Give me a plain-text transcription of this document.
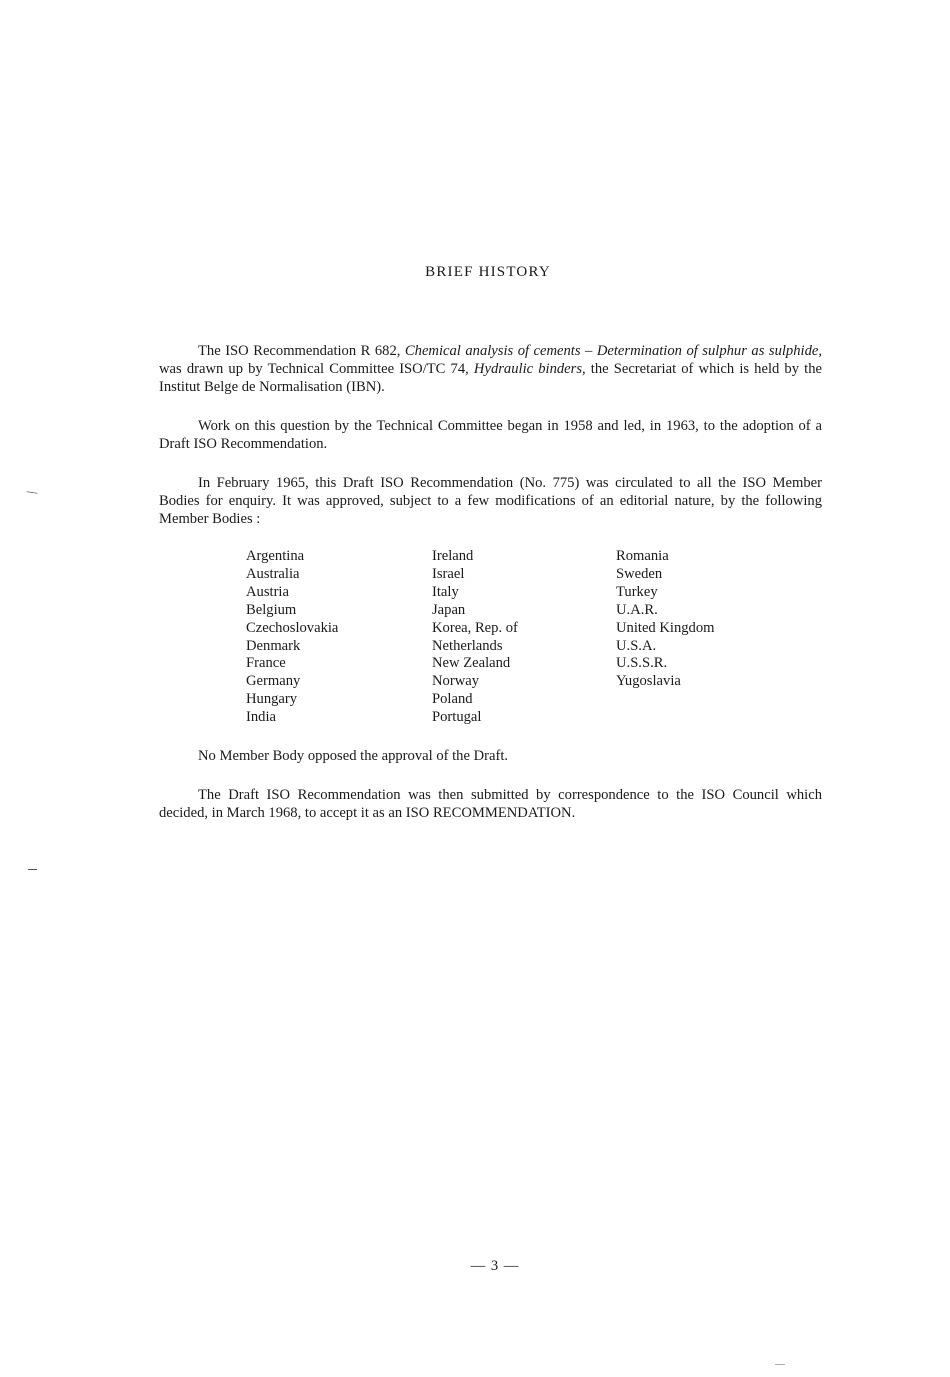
BRIEF HISTORY

The ISO Recommendation R 682, Chemical analysis of cements – Determination of sulphur as sulphide, was drawn up by Technical Committee ISO/TC 74, Hydraulic binders, the Secretariat of which is held by the Institut Belge de Normalisation (IBN).

Work on this question by the Technical Committee began in 1958 and led, in 1963, to the adoption of a Draft ISO Recommendation.

In February 1965, this Draft ISO Recommendation (No. 775) was circulated to all the ISO Member Bodies for enquiry. It was approved, subject to a few modifications of an editorial nature, by the following Member Bodies :

Argentina
Australia
Austria
Belgium
Czechoslovakia
Denmark
France
Germany
Hungary
India
Ireland
Israel
Italy
Japan
Korea, Rep. of
Netherlands
New Zealand
Norway
Poland
Portugal
Romania
Sweden
Turkey
U.A.R.
United Kingdom
U.S.A.
U.S.S.R.
Yugoslavia

No Member Body opposed the approval of the Draft.

The Draft ISO Recommendation was then submitted by correspondence to the ISO Council which decided, in March 1968, to accept it as an ISO RECOMMENDATION.

— 3 —
